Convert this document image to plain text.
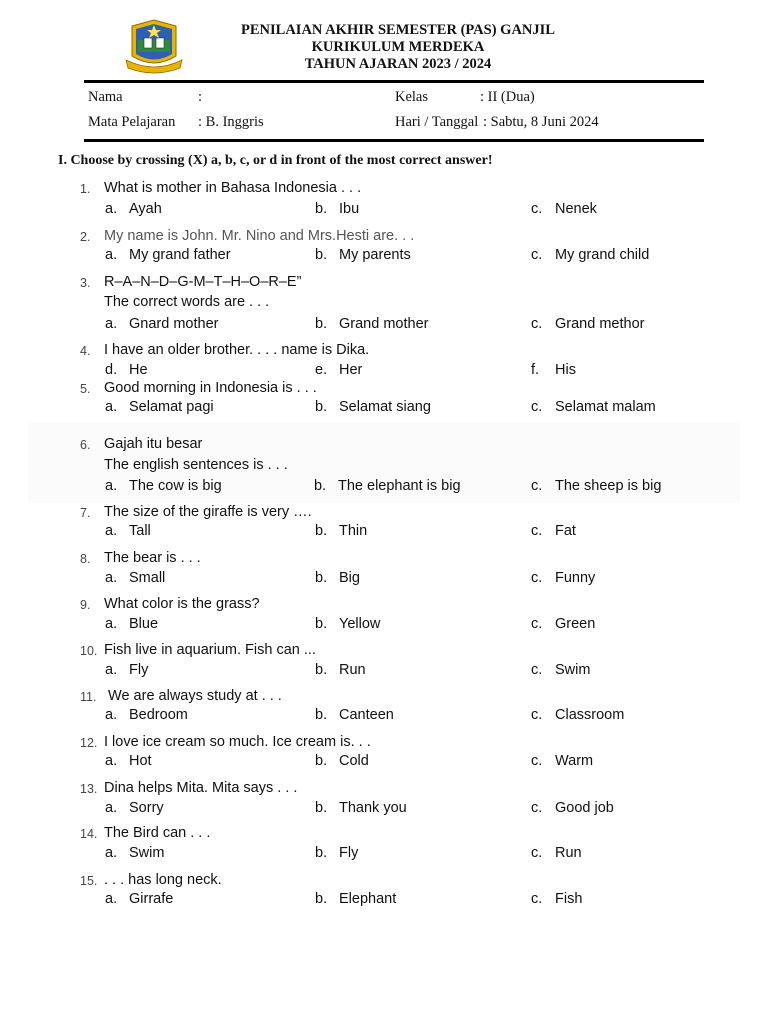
PENILAIAN AKHIR SEMESTER (PAS) GANJIL
KURIKULUM MERDEKA
TAHUN AJARAN 2023 / 2024
Nama	:	Kelas	: II (Dua)
Mata Pelajaran : B. Inggris	Hari / Tanggal : Sabtu, 8 Juni 2024
I. Choose by crossing (X) a, b, c, or d in front of the most correct answer!
1. What is mother in Bahasa Indonesia . . .
a. Ayah	b. Ibu	c. Nenek
2. My name is John. Mr. Nino and Mrs.Hesti are. . .
a. My grand father	b. My parents	c. My grand child
3. R–A–N–D–G-M–T–H–O–R–E”
The correct words are . . .
a. Gnard mother	b. Grand mother	c. Grand methor
4. I have an older brother. . . . name is Dika.
d. He	e. Her	f. His
5. Good morning in Indonesia is . . .
a. Selamat pagi	b. Selamat siang	c. Selamat malam
6. Gajah itu besar
The english sentences is . . .
a. The cow is big	b. The elephant is big	c. The sheep is big
7. The size of the giraffe is very ….
a. Tall	b. Thin	c. Fat
8. The bear is . . .
a. Small	b. Big	c. Funny
9. What color is the grass?
a. Blue	b. Yellow	c. Green
10. Fish live in aquarium. Fish can ...
a. Fly	b. Run	c. Swim
11. We are always study at . . .
a. Bedroom	b. Canteen	c. Classroom
12. I love ice cream so much. Ice cream is. . .
a. Hot	b. Cold	c. Warm
13. Dina helps Mita. Mita says . . .
a. Sorry	b. Thank you	c. Good job
14. The Bird can . . .
a. Swim	b. Fly	c. Run
15. . . . has long neck.
a. Girrafe	b. Elephant	c. Fish
